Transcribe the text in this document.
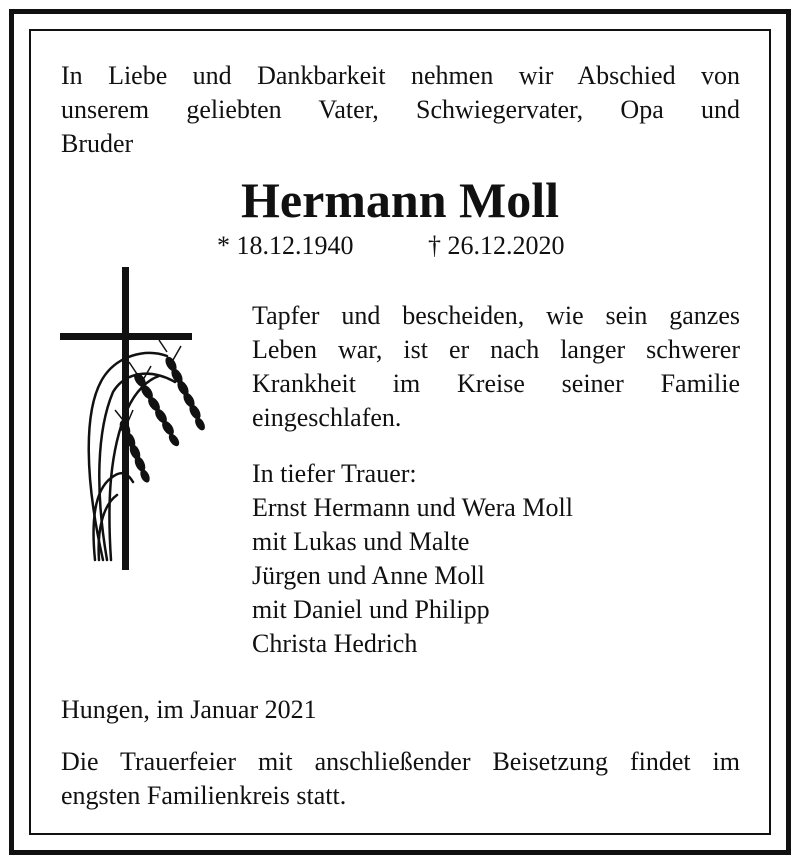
In Liebe und Dankbarkeit nehmen wir Abschied von
unserem geliebten Vater, Schwiegervater, Opa und
Bruder
Hermann Moll
* 18.12.1940	† 26.12.2020
Tapfer und bescheiden, wie sein ganzes
Leben war, ist er nach langer schwerer
Krankheit im Kreise seiner Familie
eingeschlafen.
In tiefer Trauer:
Ernst Hermann und Wera Moll
mit Lukas und Malte
Jürgen und Anne Moll
mit Daniel und Philipp
Christa Hedrich
Hungen, im Januar 2021
Die Trauerfeier mit anschließender Beisetzung findet im
engsten Familienkreis statt.
